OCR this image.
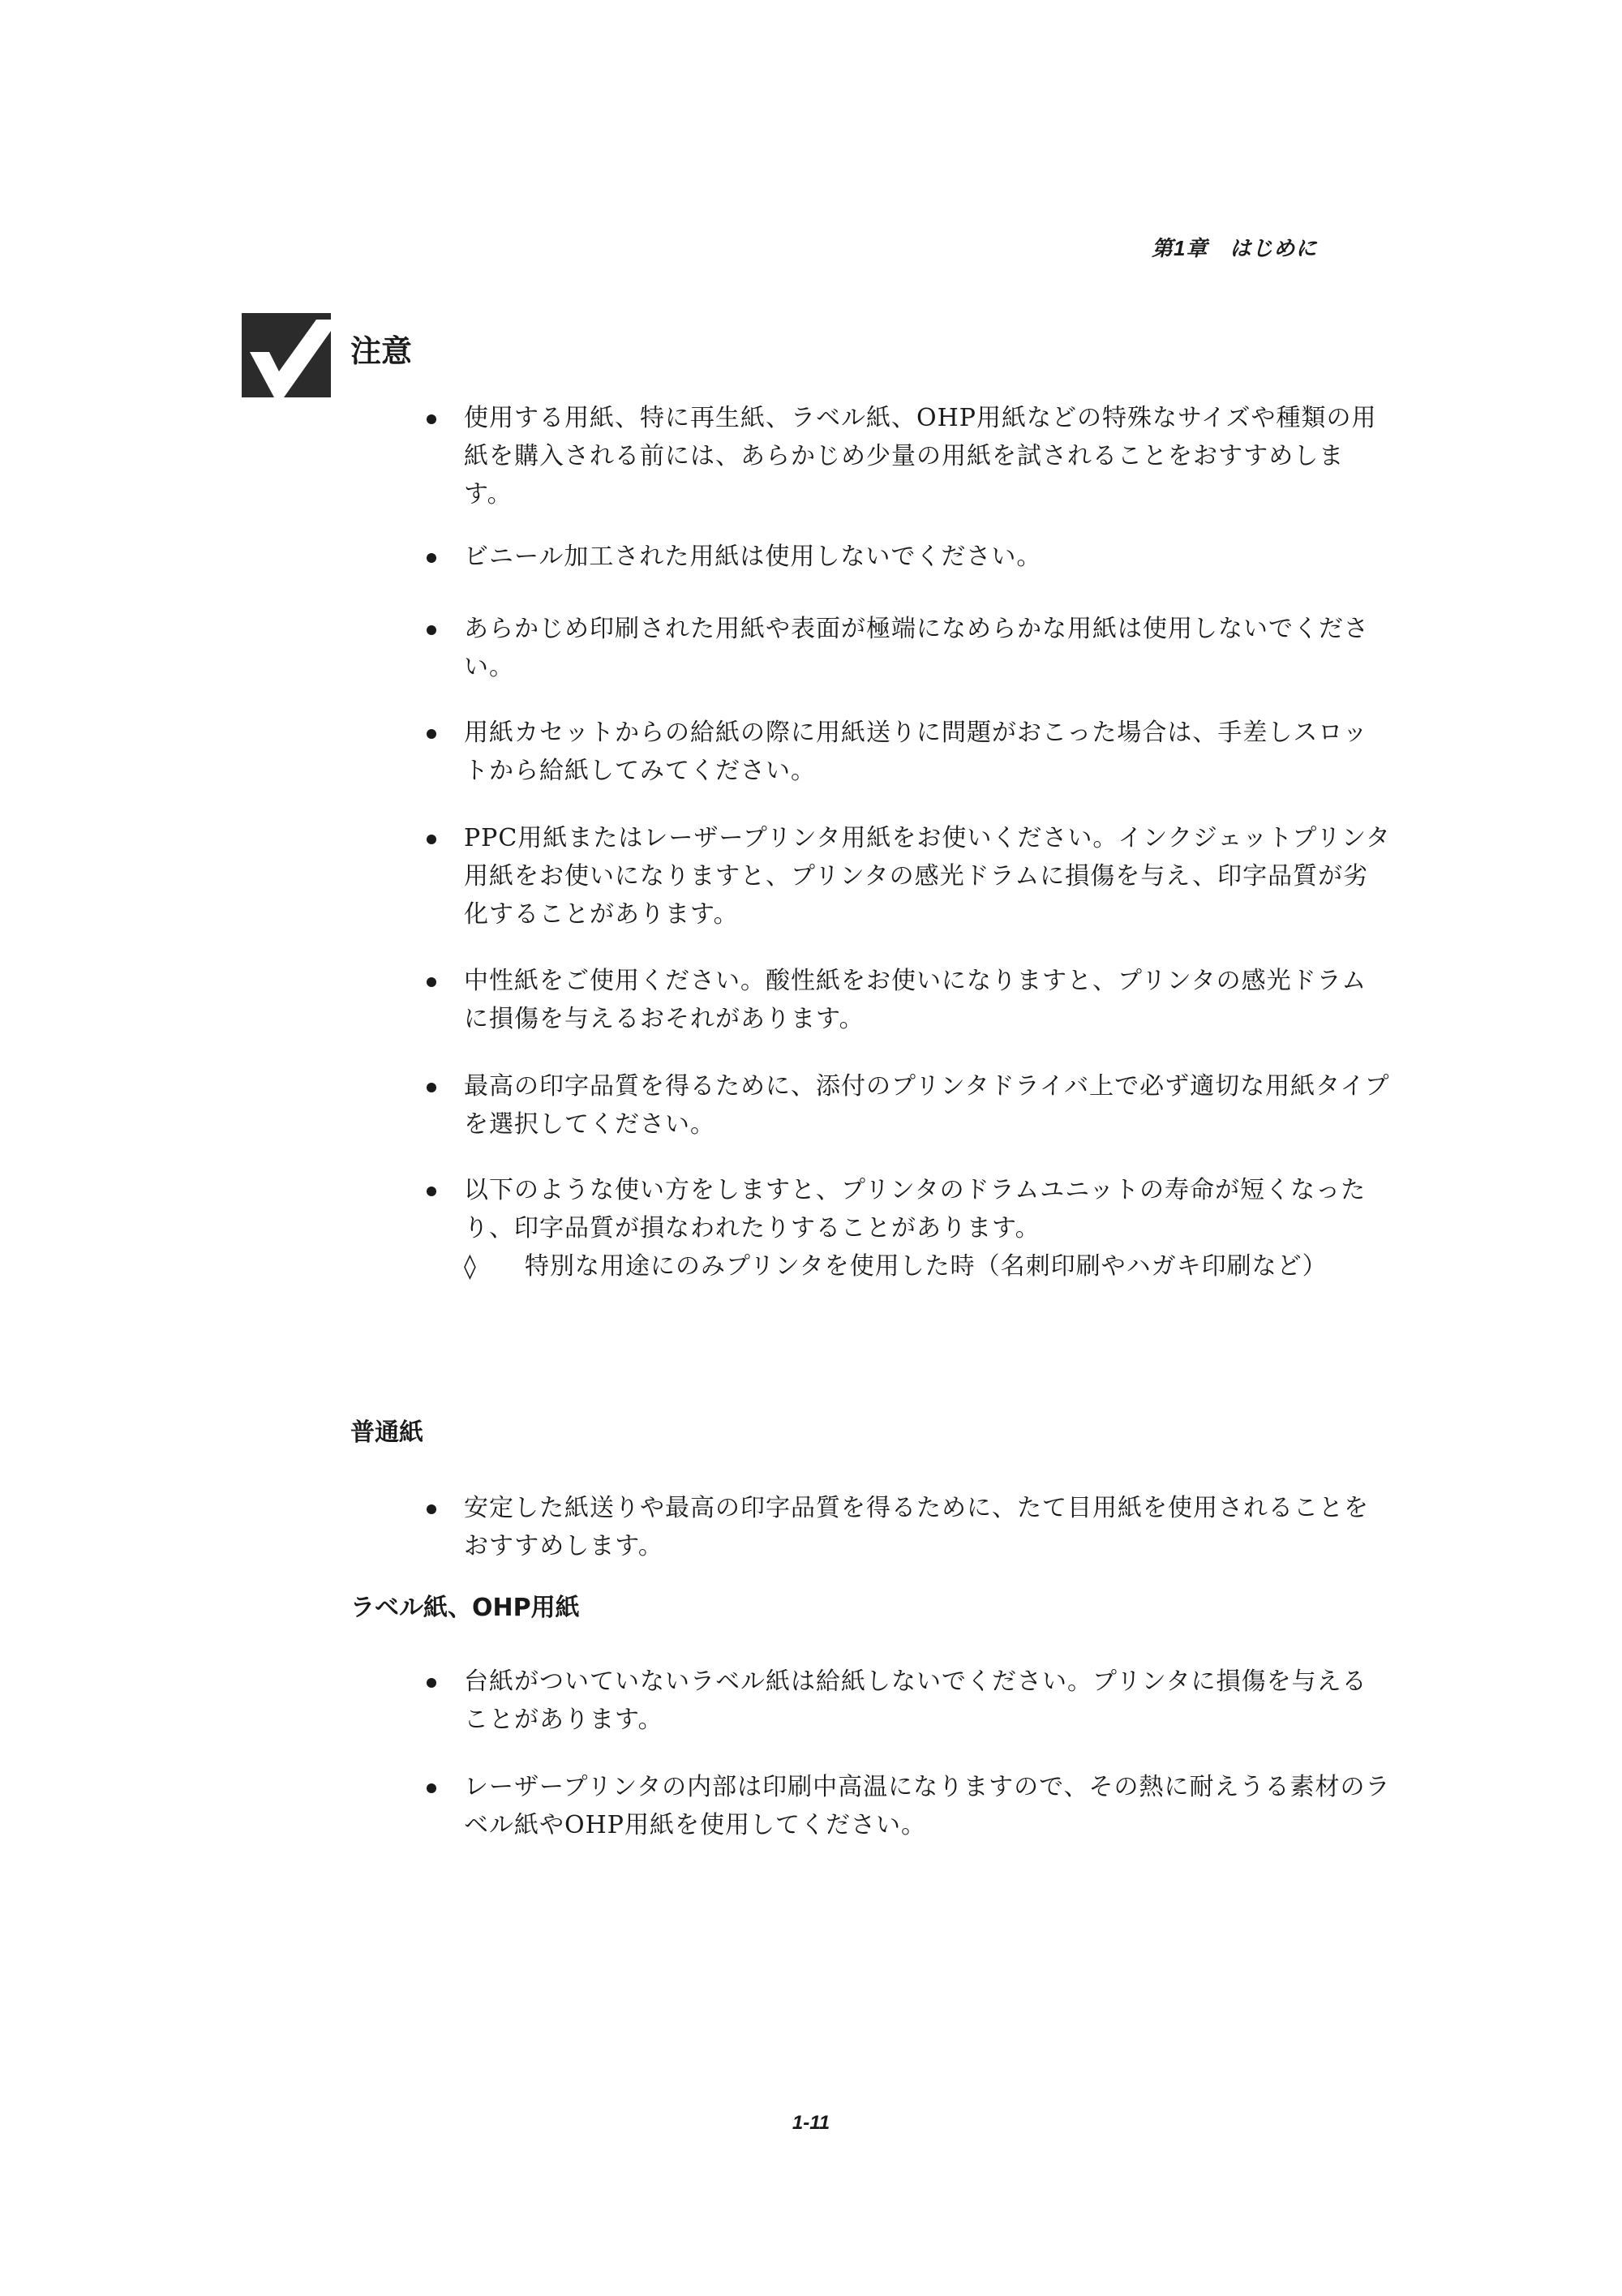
第1章　はじめに
注意
使用する用紙、特に再生紙、ラベル紙、OHP用紙などの特殊なサイズや種類の用紙を購入される前には、あらかじめ少量の用紙を試されることをおすすめします。
ビニール加工された用紙は使用しないでください。
あらかじめ印刷された用紙や表面が極端になめらかな用紙は使用しないでください。
用紙カセットからの給紙の際に用紙送りに問題がおこった場合は、手差しスロットから給紙してみてください。
PPC用紙またはレーザープリンタ用紙をお使いください。インクジェットプリンタ用紙をお使いになりますと、プリンタの感光ドラムに損傷を与え、印字品質が劣化することがあります。
中性紙をご使用ください。酸性紙をお使いになりますと、プリンタの感光ドラムに損傷を与えるおそれがあります。
最高の印字品質を得るために、添付のプリンタドライバ上で必ず適切な用紙タイプを選択してください。
以下のような使い方をしますと、プリンタのドラムユニットの寿命が短くなったり、印字品質が損なわれたりすることがあります。
◊ 特別な用途にのみプリンタを使用した時（名刺印刷やハガキ印刷など）
普通紙
安定した紙送りや最高の印字品質を得るために、たて目用紙を使用されることをおすすめします。
ラベル紙、OHP用紙
台紙がついていないラベル紙は給紙しないでください。プリンタに損傷を与えることがあります。
レーザープリンタの内部は印刷中高温になりますので、その熱に耐えうる素材のラベル紙やOHP用紙を使用してください。
1-11
